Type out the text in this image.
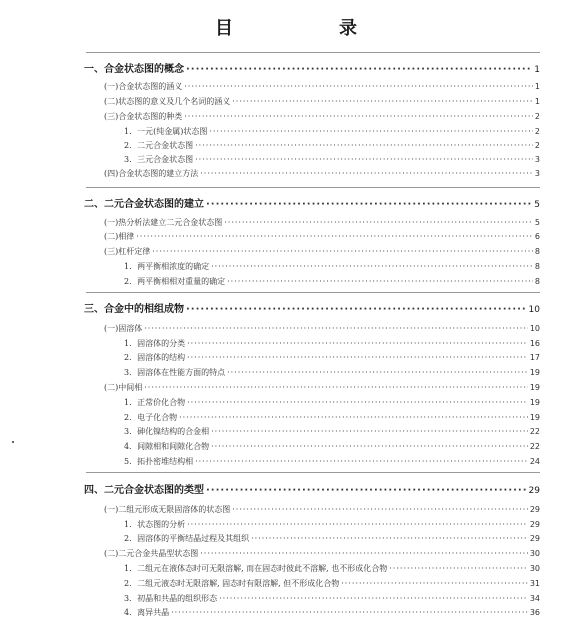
目　录
一、合金状态图的概念 ·····	1
(一)合金状态图的涵义 ·····	1
(二)状态图的意义及几个名词的涵义 ·····	1
(三)合金状态图的种类 ·····	2
1．一元(纯金属)状态图 ·····	2
2．二元合金状态图 ·····	2
3．三元合金状态图 ·····	3
(四)合金状态图的建立方法 ·····	3
二、二元合金状态图的建立 ·····	5
(一)热分析法建立二元合金状态图 ·····	5
(二)相律 ·····	6
(三)杠杆定律 ·····	8
1．两平衡相浓度的确定 ·····	8
2．两平衡相相对重量的确定 ·····	8
三、合金中的相组成物 ·····	10
(一)固溶体 ·····	10
1．固溶体的分类 ·····	16
2．固溶体的结构 ·····	17
3．固溶体在性能方面的特点 ·····	19
(二)中间相 ·····	19
1．正常价化合物 ·····	19
2．电子化合物 ·····	19
3．砷化镍结构的合金相 ·····	22
4．间隙相和间隙化合物 ·····	22
5．拓扑密堆结构相 ·····	24
四、二元合金状态图的类型 ·····	29
(一)二组元形成无限固溶体的状态图 ·····	29
1．状态图的分析 ·····	29
2．固溶体的平衡结晶过程及其组织 ·····	29
(二)二元合金共晶型状态图 ·····	30
1．二组元在液体态时可无限溶解, 而在固态时彼此不溶解, 也不形成化合物 ·····	30
2．二组元液态时无限溶解, 固态时有限溶解, 但不形成化合物 ·····	31
3．初晶和共晶的组织形态 ·····	34
4．离异共晶 ·····	36
